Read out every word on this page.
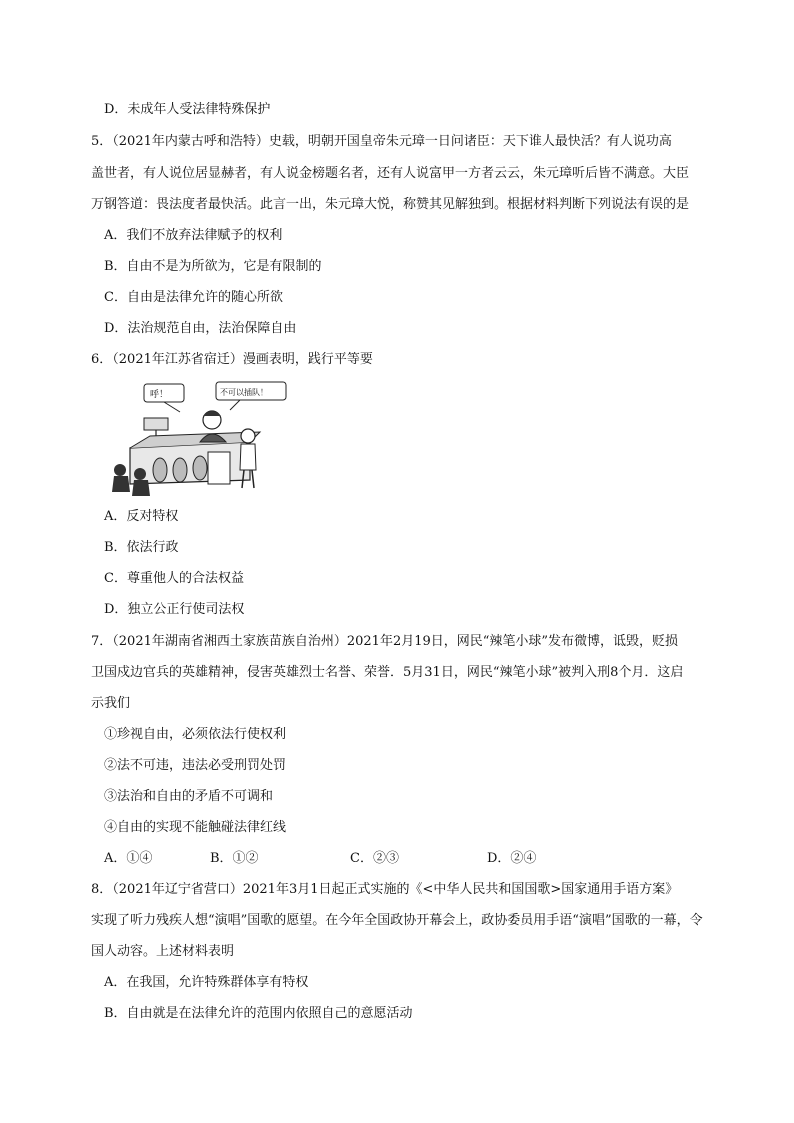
D．未成年人受法律特殊保护
5．（2021年内蒙古呼和浩特）史载，明朝开国皇帝朱元璋一日问诸臣：天下谁人最快活？有人说功高
盖世者，有人说位居显赫者，有人说金榜题名者，还有人说富甲一方者云云，朱元璋听后皆不满意。大臣
万钢答道：畏法度者最快活。此言一出，朱元璋大悦，称赞其见解独到。根据材料判断下列说法有误的是
A．我们不放弃法律赋予的权利
B．自由不是为所欲为，它是有限制的
C．自由是法律允许的随心所欲
D．法治规范自由，法治保障自由
6．（2021年江苏省宿迁）漫画表明，践行平等要
呼！	不可以插队！
A．反对特权
B．依法行政
C．尊重他人的合法权益
D．独立公正行使司法权
7．（2021年湖南省湘西土家族苗族自治州）2021年2月19日，网民“辣笔小球”发布微博，诋毁，贬损
卫国戍边官兵的英雄精神，侵害英雄烈士名誉、荣誉．5月31日，网民“辣笔小球”被判入刑8个月．这启
示我们
①珍视自由，必须依法行使权利
②法不可违，违法必受刑罚处罚
③法治和自由的矛盾不可调和
④自由的实现不能触碰法律红线
A．①④	B．①②	C．②③	D．②④
8．（2021年辽宁省营口）2021年3月1日起正式实施的《<中华人民共和国国歌>国家通用手语方案》
实现了听力残疾人想“演唱”国歌的愿望。在今年全国政协开幕会上，政协委员用手语“演唱”国歌的一幕，令
国人动容。上述材料表明
A．在我国，允许特殊群体享有特权
B．自由就是在法律允许的范围内依照自己的意愿活动
